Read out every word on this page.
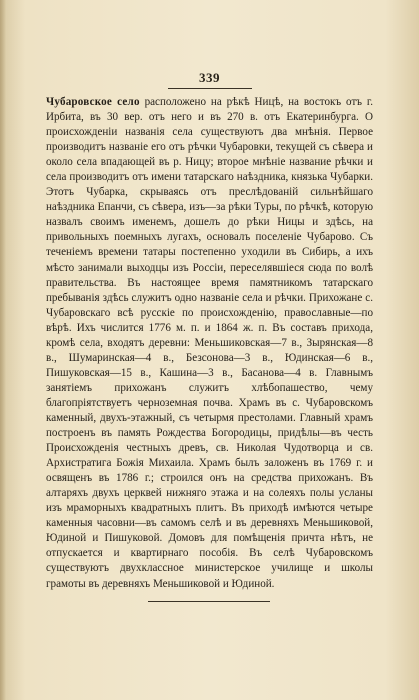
339
Чубаровское село расположено на рѣкѣ Ницѣ, на востокъ отъ г. Ирбита, въ 30 вер. отъ него и въ 270 в. отъ Екатеринбурга. О происхожденіи названія села существуютъ два мнѣнія. Первое производитъ названіе его отъ рѣчки Чубаровки, текущей съ сѣвера и около села впадающей въ р. Ницу; второе мнѣніе название рѣчки и села производитъ отъ имени татарскаго наѣздника, князька Чубарки. Этотъ Чубарка, скрываясь отъ преслѣдованій сильнѣйшаго наѣздника Епанчи, съ сѣвера, изъ—за рѣки Туры, по рѣчкѣ, которую назвалъ своимъ именемъ, дошелъ до рѣки Ницы и здѣсь, на привольныхъ поемныхъ лугахъ, основалъ поселеніе Чубарово. Съ теченіемъ времени татары постепенно уходили въ Сибирь, а ихъ мѣсто занимали выходцы изъ Россіи, переселявшіеся сюда по волѣ правительства. Въ настоящее время памятникомъ татарскаго пребыванія здѣсь служитъ одно названіе села и рѣчки. Прихожане с. Чубаровскаго всѣ русскіе по происхожденію, православные—по вѣрѣ. Ихъ числится 1776 м. п. и 1864 ж. п. Въ составъ прихода, кромѣ села, входятъ деревни: Меньшиковская—7 в., Зырянская—8 в., Шумаринская—4 в., Безсонова—3 в., Юдинская—6 в., Пишуковская—15 в., Кашина—3 в., Басанова—4 в. Главнымъ занятіемъ прихожанъ служитъ хлѣбопашество, чему благопріятствуетъ черноземная почва. Храмъ въ с. Чубаровскомъ каменный, двухъ-этажный, съ четырмя престолами. Главный храмъ построенъ въ память Рождества Богородицы, придѣлы—въ честь Происхожденія честныхъ древъ, св. Николая Чудотворца и св. Архистратига Божія Михаила. Храмъ былъ заложенъ въ 1769 г. и освященъ въ 1786 г.; строился онъ на средства прихожанъ. Въ алтаряхъ двухъ церквей нижняго этажа и на солеяхъ полы усланы изъ мраморныхъ квадратныхъ плитъ. Въ приходѣ имѣются четыре каменныя часовни—въ самомъ селѣ и въ деревняхъ Меньшиковой, Юдиной и Пишуковой. Домовъ для помѣщенія причта нѣтъ, не отпускается и квартирнаго пособія. Въ селѣ Чубаровскомъ существуютъ двухклассное министерское училище и школы грамоты въ деревняхъ Меньшиковой и Юдиной.
